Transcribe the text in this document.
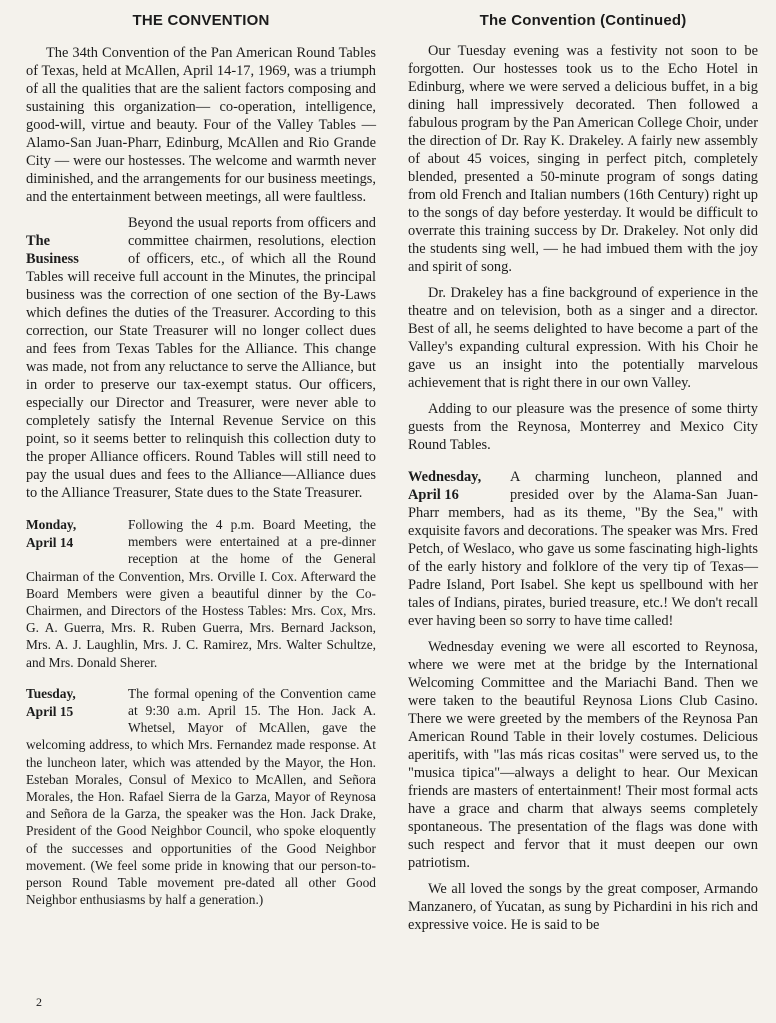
THE CONVENTION

The 34th Convention of the Pan American Round Tables of Texas, held at McAllen, April 14-17, 1969, was a triumph of all the qualities that are the salient factors composing and sustaining this organization— co-operation, intelligence, good-will, virtue and beauty. Four of the Valley Tables — Alamo-San Juan-Pharr, Edinburg, McAllen and Rio Grande City — were our hostesses. The welcome and warmth never diminished, and the arrangements for our business meetings, and the entertainment between meetings, all were faultless.

The
Business

Beyond the usual reports from officers and committee chairmen, resolutions, election of officers, etc., of which all the Round Tables will receive full account in the Minutes, the principal business was the correction of one section of the By-Laws which defines the duties of the Treasurer. According to this correction, our State Treasurer will no longer collect dues and fees from Texas Tables for the Alliance. This change was made, not from any reluctance to serve the Alliance, but in order to preserve our tax-exempt status. Our officers, especially our Director and Treasurer, were never able to completely satisfy the Internal Revenue Service on this point, so it seems better to relinquish this collection duty to the proper Alliance officers. Round Tables will still need to pay the usual dues and fees to the Alliance—Alliance dues to the Alliance Treasurer, State dues to the State Treasurer.

Monday,
April 14

Following the 4 p.m. Board Meeting, the members were entertained at a pre-dinner reception at the home of the General Chairman of the Convention, Mrs. Orville I. Cox. Afterward the Board Members were given a beautiful dinner by the Co-Chairmen, and Directors of the Hostess Tables: Mrs. Cox, Mrs. G. A. Guerra, Mrs. R. Ruben Guerra, Mrs. Bernard Jackson, Mrs. A. J. Laughlin, Mrs. J. C. Ramirez, Mrs. Walter Schultze, and Mrs. Donald Sherer.

Tuesday,
April 15

The formal opening of the Convention came at 9:30 a.m. April 15. The Hon. Jack A. Whetsel, Mayor of McAllen, gave the welcoming address, to which Mrs. Fernandez made response. At the luncheon later, which was attended by the Mayor, the Hon. Esteban Morales, Consul of Mexico to McAllen, and Señora Morales, the Hon. Rafael Sierra de la Garza, Mayor of Reynosa and Señora de la Garza, the speaker was the Hon. Jack Drake, President of the Good Neighbor Council, who spoke eloquently of the successes and opportunities of the Good Neighbor movement. (We feel some pride in knowing that our person-to-person Round Table movement pre-dated all other Good Neighbor enthusiasms by half a generation.)

The Convention (Continued)

Our Tuesday evening was a festivity not soon to be forgotten. Our hostesses took us to the Echo Hotel in Edinburg, where we were served a delicious buffet, in a big dining hall impressively decorated. Then followed a fabulous program by the Pan American College Choir, under the direction of Dr. Ray K. Drakeley. A fairly new assembly of about 45 voices, singing in perfect pitch, completely blended, presented a 50-minute program of songs dating from old French and Italian numbers (16th Century) right up to the songs of day before yesterday. It would be difficult to overrate this training success by Dr. Drakeley. Not only did the students sing well, — he had imbued them with the joy and spirit of song.

Dr. Drakeley has a fine background of experience in the theatre and on television, both as a singer and a director. Best of all, he seems delighted to have become a part of the Valley's expanding cultural expression. With his Choir he gave us an insight into the potentially marvelous achievement that is right there in our own Valley.

Adding to our pleasure was the presence of some thirty guests from the Reynosa, Monterrey and Mexico City Round Tables.

Wednesday,
April 16

A charming luncheon, planned and presided over by the Alama-San Juan-Pharr members, had as its theme, "By the Sea," with exquisite favors and decorations. The speaker was Mrs. Fred Petch, of Weslaco, who gave us some fascinating high-lights of the early history and folklore of the very tip of Texas—Padre Island, Port Isabel. She kept us spellbound with her tales of Indians, pirates, buried treasure, etc.! We don't recall ever having been so sorry to have time called!

Wednesday evening we were all escorted to Reynosa, where we were met at the bridge by the International Welcoming Committee and the Mariachi Band. Then we were taken to the beautiful Reynosa Lions Club Casino. There we were greeted by the members of the Reynosa Pan American Round Table in their lovely costumes. Delicious aperitifs, with "las más ricas cositas" were served us, to the "musica tipica"—always a delight to hear. Our Mexican friends are masters of entertainment! Their most formal acts have a grace and charm that always seems completely spontaneous. The presentation of the flags was done with such respect and fervor that it must deepen our own patriotism.

We all loved the songs by the great composer, Armando Manzanero, of Yucatan, as sung by Pichardini in his rich and expressive voice. He is said to be

2
